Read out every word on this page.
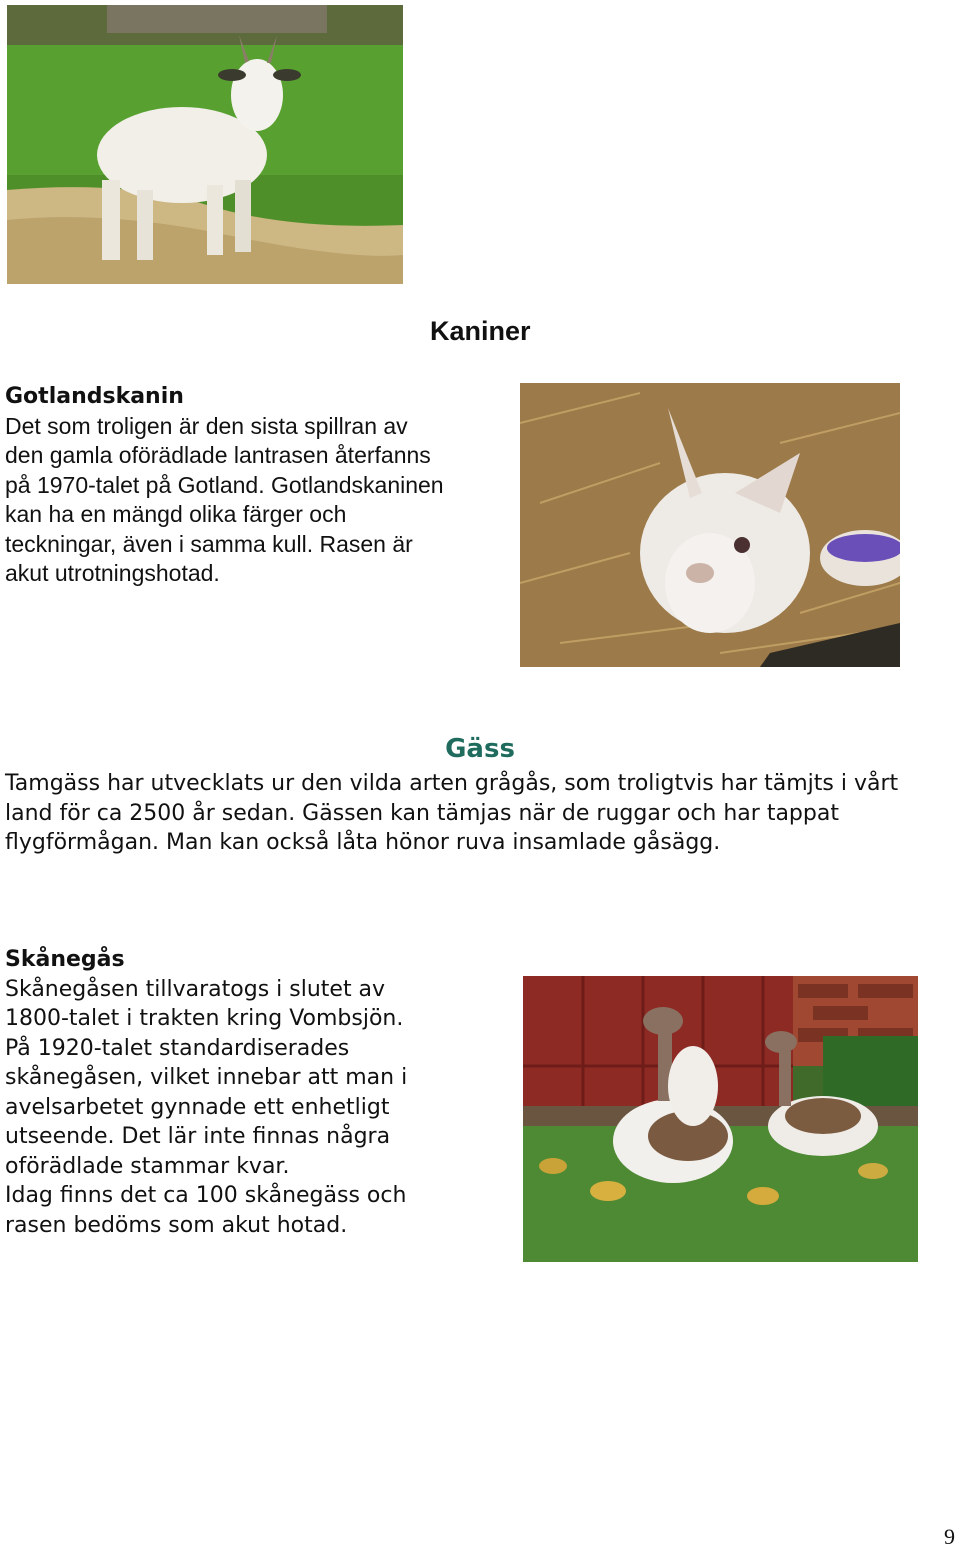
Kaniner
Gotlandskanin
Det som troligen är den sista spillran av den gamla oförädlade lantrasen återfanns på 1970-talet på Gotland. Gotlandskaninen kan ha en mängd olika färger och teckningar, även i samma kull. Rasen är akut utrotningshotad.
Gäss
Tamgäss har utvecklats ur den vilda arten grågås, som troligtvis har tämjts i vårt land för ca 2500 år sedan. Gässen kan tämjas när de ruggar och har tappat flygförmågan. Man kan också låta hönor ruva insamlade gåsägg.
Skånegås
Skånegåsen tillvaratogs i slutet av 1800-talet i trakten kring Vombsjön. På 1920-talet standardiserades skånegåsen, vilket innebar att man i avelsarbetet gynnade ett enhetligt utseende. Det lär inte finnas några oförädlade stammar kvar.
Idag finns det ca 100 skånegäss och rasen bedöms som akut hotad.
9
